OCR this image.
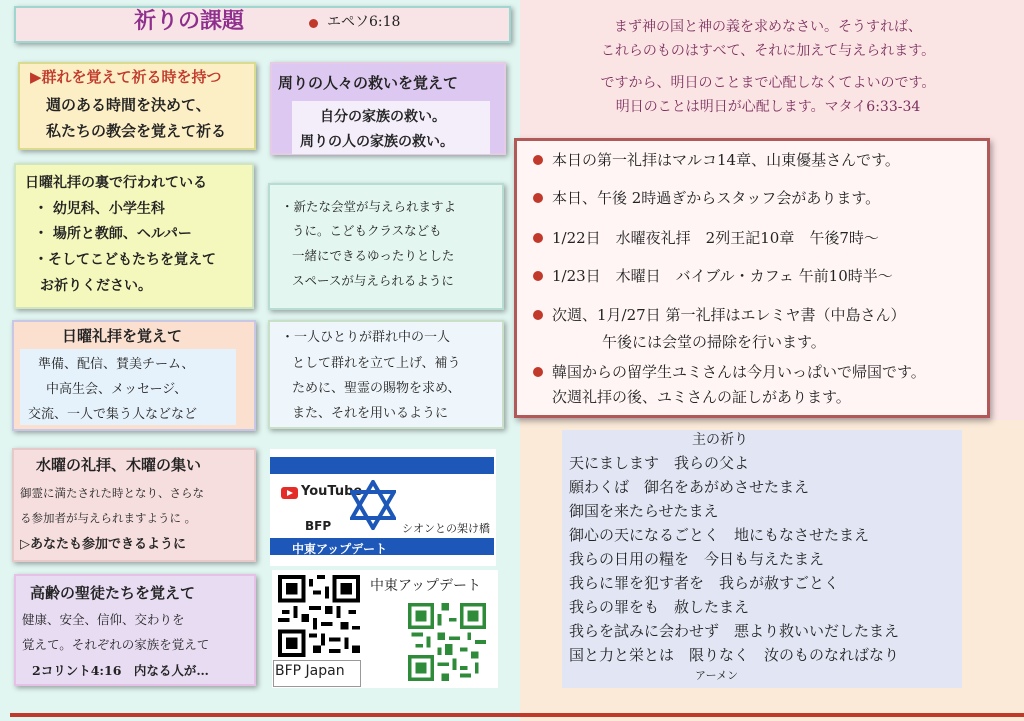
祈りの課題	エペソ6:18
▶群れを覚えて祈る時を持つ
週のある時間を決めて、
私たちの教会を覚えて祈る
周りの人々の救いを覚えて
自分の家族の救い。
周りの人の家族の救い。
日曜礼拝の裏で行われている
・ 幼児科、小学生科
・ 場所と教師、ヘルパー
・そしてこどもたちを覚えて
お祈りください。
・新たな会堂が与えられますよ
うに。こどもクラスなども
一緒にできるゆったりとした
スペースが与えられるように
日曜礼拝を覚えて
準備、配信、賛美チーム、
中高生会、メッセージ、
交流、一人で集う人などなど
・一人ひとりが群れ中の一人
として群れを立て上げ、補う
ために、聖霊の賜物を求め、
また、それを用いるように
水曜の礼拝、木曜の集い
御霊に満たされた時となり、さらな
る参加者が与えられますように 。
▷あなたも参加できるように
高齢の聖徒たちを覚えて
健康、安全、信仰、交わりを
覚えて。それぞれの家族を覚えて
2コリント4:16　内なる人が…
YouTube
BFP	シオンとの架け橋
中東アップデート
中東アップデート
BFP Japan
まず神の国と神の義を求めなさい。そうすれば、
これらのものはすべて、それに加えて与えられます。
ですから、明日のことまで心配しなくてよいのです。
明日のことは明日が心配します。マタイ6:33-34
本日の第一礼拝はマルコ14章、山東優基さんです。
本日、午後 2時過ぎからスタッフ会があります。
1/22日　水曜夜礼拝　2列王記10章　午後7時〜
1/23日　木曜日　バイブル・カフェ 午前10時半〜
次週、1月/27日 第一礼拝はエレミヤ書（中島さん）
午後には会堂の掃除を行います。
韓国からの留学生ユミさんは今月いっぱいで帰国です。
次週礼拝の後、ユミさんの証しがあります。
主の祈り
天にまします　我らの父よ
願わくば　御名をあがめさせたまえ
御国を来たらせたまえ
御心の天になるごとく　地にもなさせたまえ
我らの日用の糧を　今日も与えたまえ
我らに罪を犯す者を　我らが赦すごとく
我らの罪をも　赦したまえ
我らを試みに会わせず　悪より救いいだしたまえ
国と力と栄とは　限りなく　汝のものなればなり
アーメン
